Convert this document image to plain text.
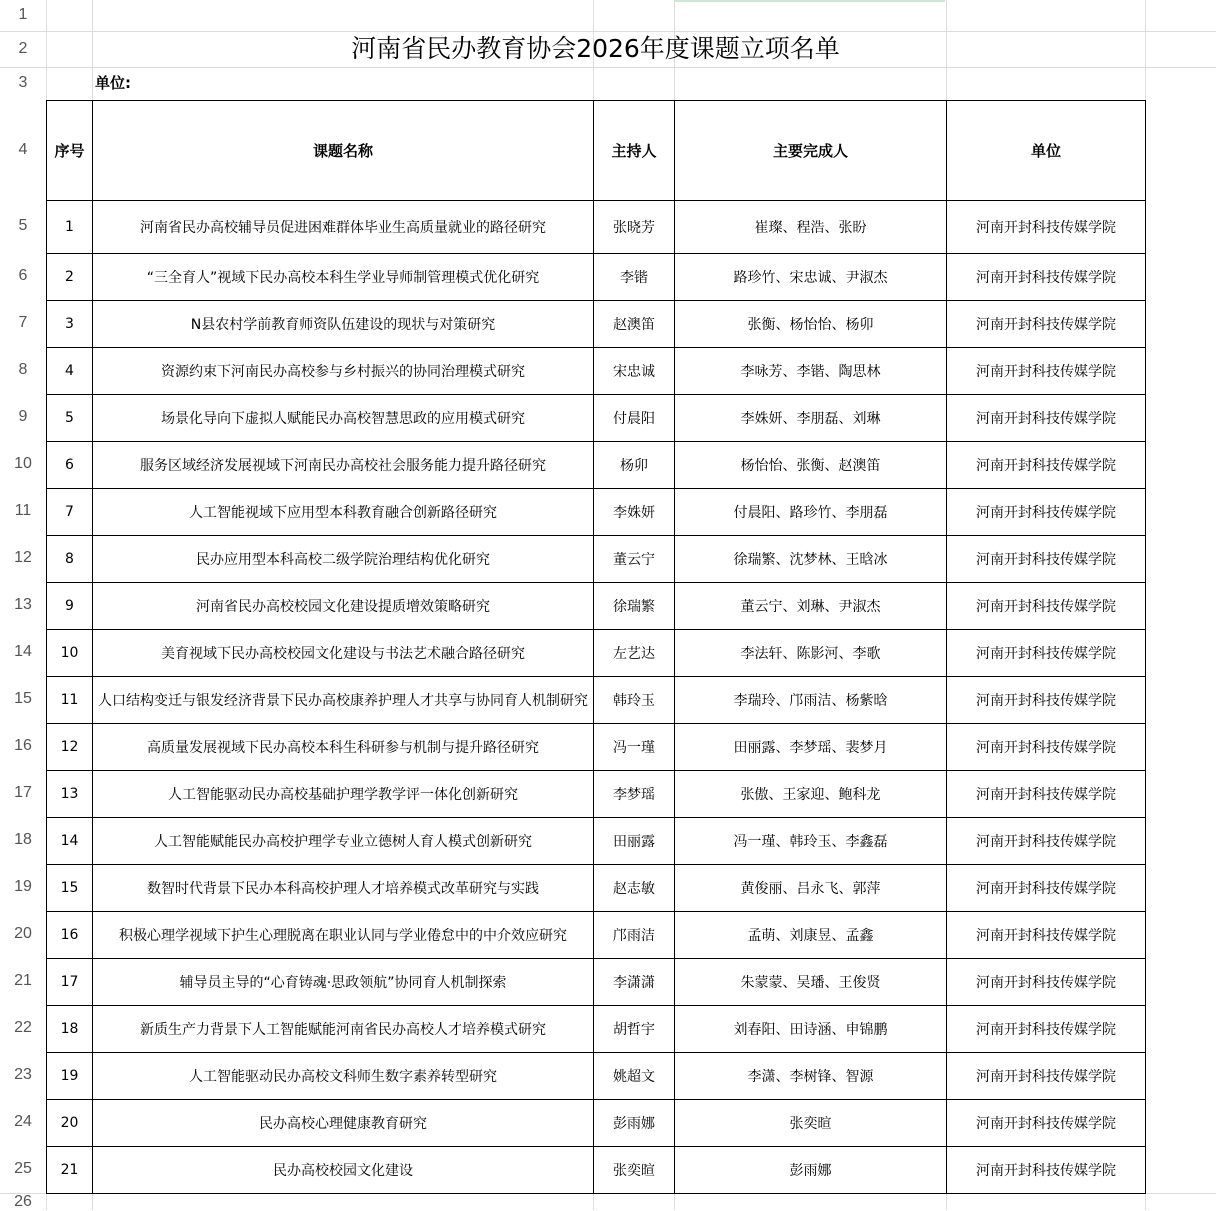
1
2
3
4
5
6
7
8
9
10
11
12
13
14
15
16
17
18
19
20
21
22
23
24
25
26
河南省民办教育协会2026年度课题立项名单
单位:
序号	课题名称	主持人	主要完成人	单位
1	河南省民办高校辅导员促进困难群体毕业生高质量就业的路径研究	张晓芳	崔璨、程浩、张盼	河南开封科技传媒学院
2	“三全育人”视域下民办高校本科生学业导师制管理模式优化研究	李锴	路珍竹、宋忠诚、尹淑杰	河南开封科技传媒学院
3	N县农村学前教育师资队伍建设的现状与对策研究	赵澳笛	张衡、杨怡怡、杨卯	河南开封科技传媒学院
4	资源约束下河南民办高校参与乡村振兴的协同治理模式研究	宋忠诚	李咏芳、李锴、陶思林	河南开封科技传媒学院
5	场景化导向下虚拟人赋能民办高校智慧思政的应用模式研究	付晨阳	李姝妍、李朋磊、刘琳	河南开封科技传媒学院
6	服务区域经济发展视域下河南民办高校社会服务能力提升路径研究	杨卯	杨怡怡、张衡、赵澳笛	河南开封科技传媒学院
7	人工智能视域下应用型本科教育融合创新路径研究	李姝妍	付晨阳、路珍竹、李朋磊	河南开封科技传媒学院
8	民办应用型本科高校二级学院治理结构优化研究	董云宁	徐瑞繁、沈梦林、王晗冰	河南开封科技传媒学院
9	河南省民办高校校园文化建设提质增效策略研究	徐瑞繁	董云宁、刘琳、尹淑杰	河南开封科技传媒学院
10	美育视域下民办高校校园文化建设与书法艺术融合路径研究	左艺达	李法轩、陈影河、李歌	河南开封科技传媒学院
11	人口结构变迁与银发经济背景下民办高校康养护理人才共享与协同育人机制研究	韩玲玉	李瑞玲、邝雨洁、杨紫晗	河南开封科技传媒学院
12	高质量发展视域下民办高校本科生科研参与机制与提升路径研究	冯一瑾	田丽露、李梦瑶、裴梦月	河南开封科技传媒学院
13	人工智能驱动民办高校基础护理学教学评一体化创新研究	李梦瑶	张傲、王家迎、鲍科龙	河南开封科技传媒学院
14	人工智能赋能民办高校护理学专业立德树人育人模式创新研究	田丽露	冯一瑾、韩玲玉、李鑫磊	河南开封科技传媒学院
15	数智时代背景下民办本科高校护理人才培养模式改革研究与实践	赵志敏	黄俊丽、吕永飞、郭萍	河南开封科技传媒学院
16	积极心理学视域下护生心理脱离在职业认同与学业倦怠中的中介效应研究	邝雨洁	孟萌、刘康昱、孟鑫	河南开封科技传媒学院
17	辅导员主导的“心育铸魂·思政领航”协同育人机制探索	李潇潇	朱蒙蒙、吴璠、王俊贤	河南开封科技传媒学院
18	新质生产力背景下人工智能赋能河南省民办高校人才培养模式研究	胡哲宇	刘春阳、田诗涵、申锦鹏	河南开封科技传媒学院
19	人工智能驱动民办高校文科师生数字素养转型研究	姚超文	李潇、李树锋、智源	河南开封科技传媒学院
20	民办高校心理健康教育研究	彭雨娜	张奕暄	河南开封科技传媒学院
21	民办高校校园文化建设	张奕暄	彭雨娜	河南开封科技传媒学院
